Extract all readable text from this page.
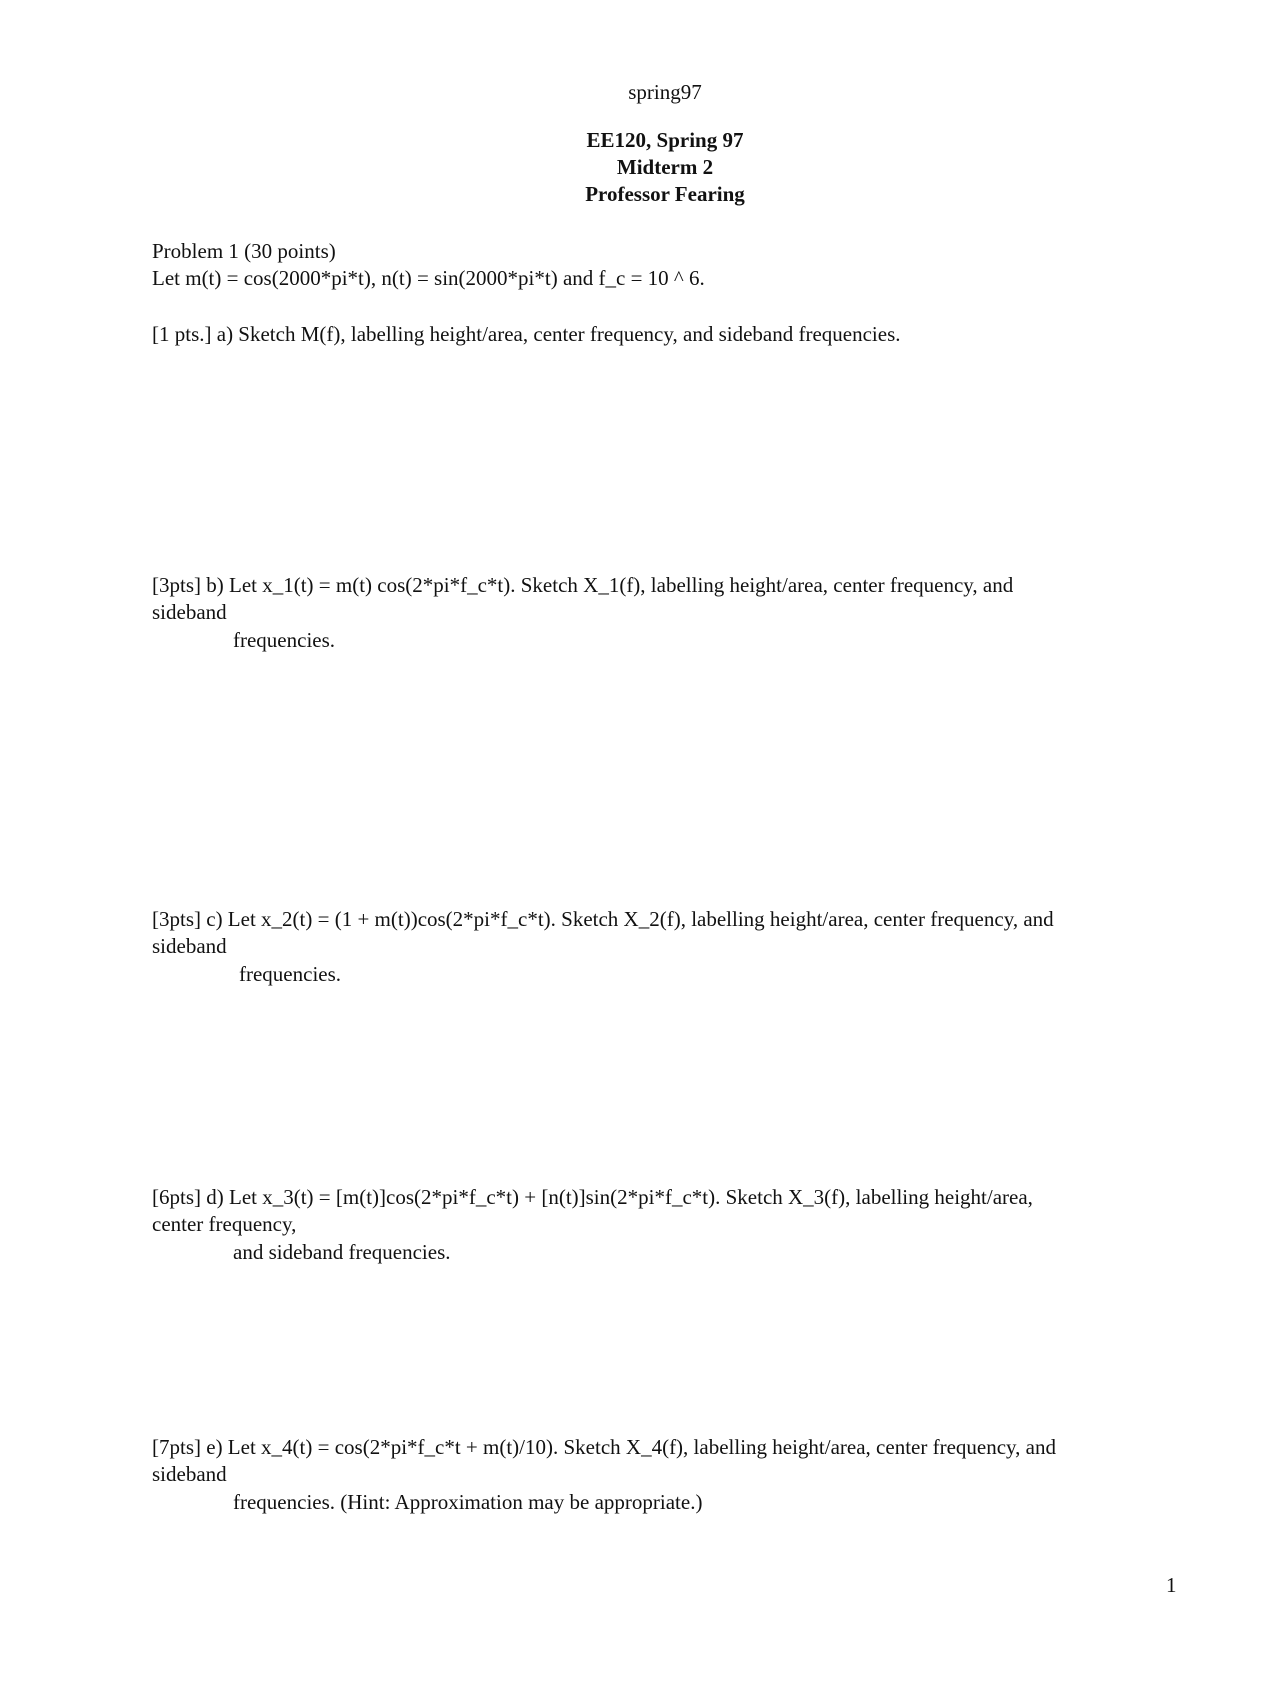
spring97
EE120, Spring 97
Midterm 2
Professor Fearing
Problem 1 (30 points)
Let m(t) = cos(2000*pi*t), n(t) = sin(2000*pi*t) and f_c = 10 ^ 6.
[1 pts.] a) Sketch M(f), labelling height/area, center frequency, and sideband frequencies.
[3pts] b) Let x_1(t) = m(t) cos(2*pi*f_c*t). Sketch X_1(f), labelling height/area, center frequency, and
sideband
frequencies.
[3pts] c) Let x_2(t) = (1 + m(t))cos(2*pi*f_c*t). Sketch X_2(f), labelling height/area, center frequency, and
sideband
frequencies.
[6pts] d) Let x_3(t) = [m(t)]cos(2*pi*f_c*t) + [n(t)]sin(2*pi*f_c*t). Sketch X_3(f), labelling height/area,
center frequency,
and sideband frequencies.
[7pts] e) Let x_4(t) = cos(2*pi*f_c*t + m(t)/10). Sketch X_4(f), labelling height/area, center frequency, and
sideband
frequencies. (Hint: Approximation may be appropriate.)
1
